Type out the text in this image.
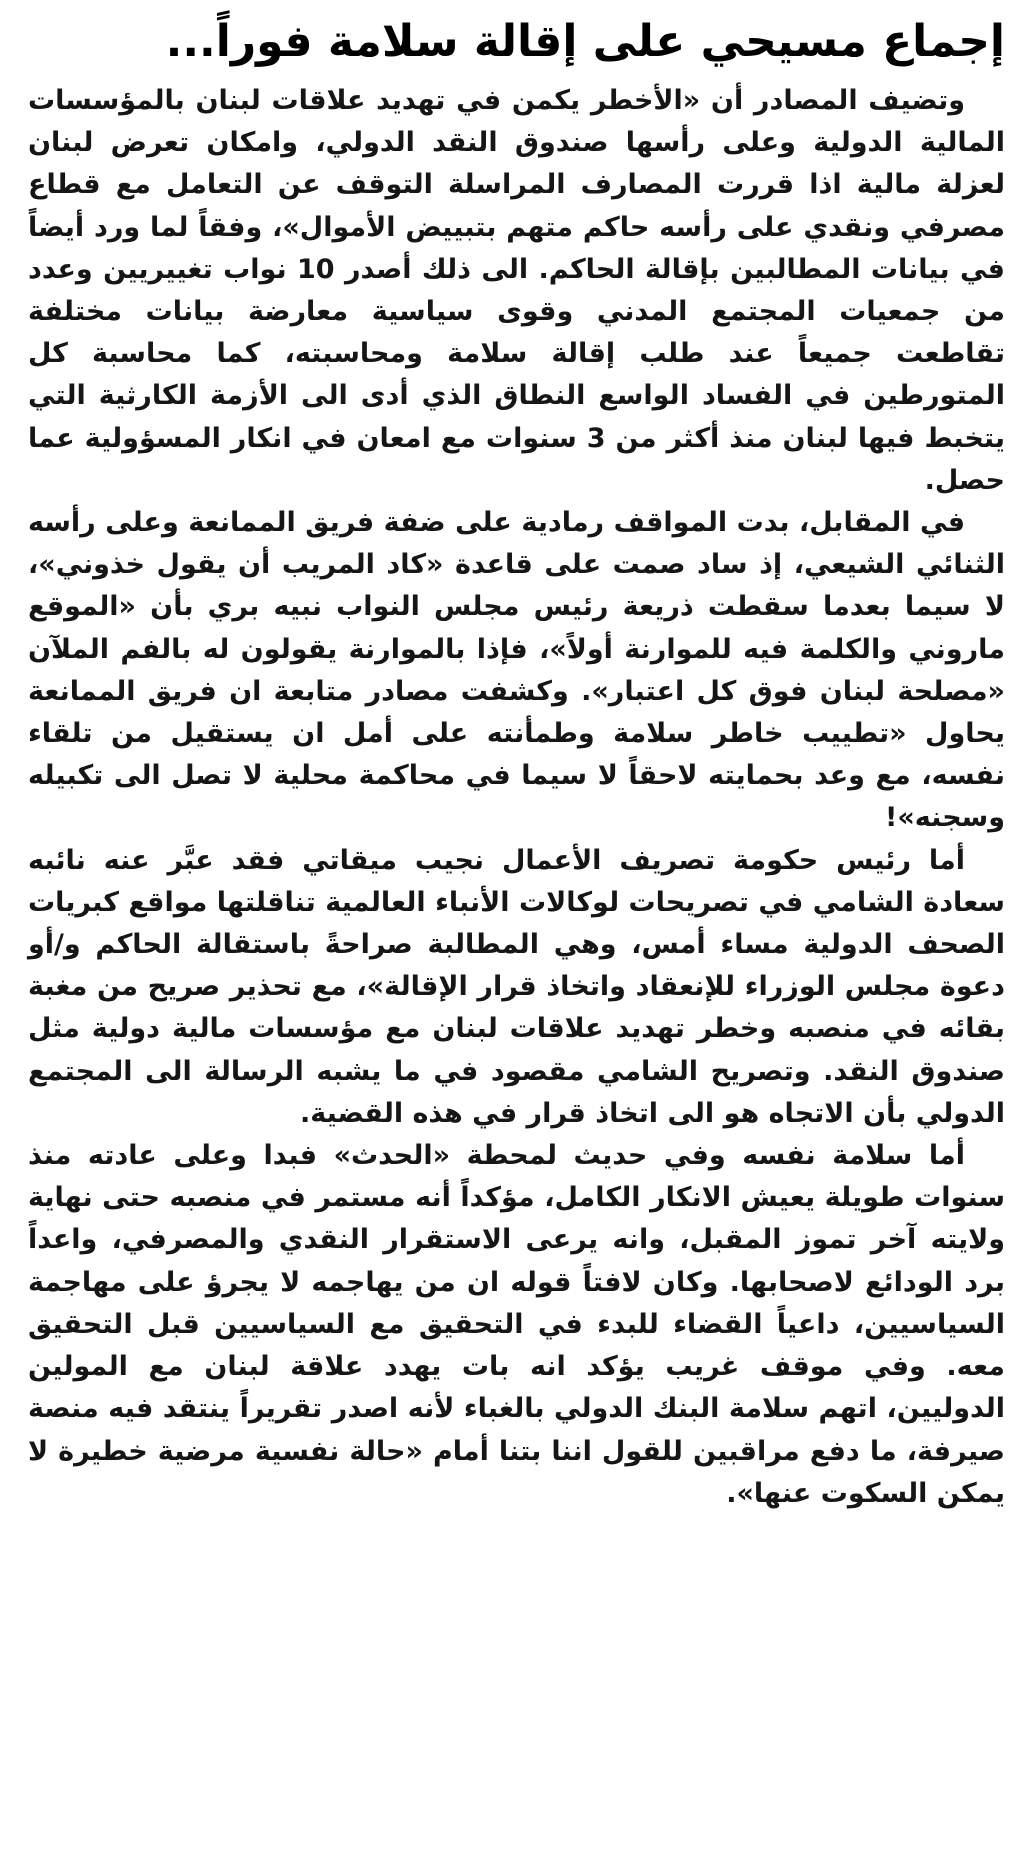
إجماع مسيحي على إقالة سلامة فوراً...

وتضيف المصادر أن «الأخطر يكمن في تهديد علاقات لبنان بالمؤسسات المالية الدولية وعلى رأسها صندوق النقد الدولي، وامكان تعرض لبنان لعزلة مالية اذا قررت المصارف المراسلة التوقف عن التعامل مع قطاع مصرفي ونقدي على رأسه حاكم متهم بتبييض الأموال»، وفقاً لما ورد أيضاً في بيانات المطالبين بإقالة الحاكم. الى ذلك أصدر 10 نواب تغييريين وعدد من جمعيات المجتمع المدني وقوى سياسية معارضة بيانات مختلفة تقاطعت جميعاً عند طلب إقالة سلامة ومحاسبته، كما محاسبة كل المتورطين في الفساد الواسع النطاق الذي أدى الى الأزمة الكارثية التي يتخبط فيها لبنان منذ أكثر من 3 سنوات مع امعان في انكار المسؤولية عما حصل.

في المقابل، بدت المواقف رمادية على ضفة فريق الممانعة وعلى رأسه الثنائي الشيعي، إذ ساد صمت على قاعدة «كاد المريب أن يقول خذوني»، لا سيما بعدما سقطت ذريعة رئيس مجلس النواب نبيه بري بأن «الموقع ماروني والكلمة فيه للموارنة أولاً»، فإذا بالموارنة يقولون له بالفم الملآن «مصلحة لبنان فوق كل اعتبار». وكشفت مصادر متابعة ان فريق الممانعة يحاول «تطييب خاطر سلامة وطمأنته على أمل ان يستقيل من تلقاء نفسه، مع وعد بحمايته لاحقاً لا سيما في محاكمة محلية لا تصل الى تكبيله وسجنه»!

أما رئيس حكومة تصريف الأعمال نجيب ميقاتي فقد عبَّر عنه نائبه سعادة الشامي في تصريحات لوكالات الأنباء العالمية تناقلتها مواقع كبريات الصحف الدولية مساء أمس، وهي المطالبة صراحةً باستقالة الحاكم و/أو دعوة مجلس الوزراء للإنعقاد واتخاذ قرار الإقالة»، مع تحذير صريح من مغبة بقائه في منصبه وخطر تهديد علاقات لبنان مع مؤسسات مالية دولية مثل صندوق النقد. وتصريح الشامي مقصود في ما يشبه الرسالة الى المجتمع الدولي بأن الاتجاه هو الى اتخاذ قرار في هذه القضية.

أما سلامة نفسه وفي حديث لمحطة «الحدث» فبدا وعلى عادته منذ سنوات طويلة يعيش الانكار الكامل، مؤكداً أنه مستمر في منصبه حتى نهاية ولايته آخر تموز المقبل، وانه يرعى الاستقرار النقدي والمصرفي، واعداً برد الودائع لاصحابها. وكان لافتاً قوله ان من يهاجمه لا يجرؤ على مهاجمة السياسيين، داعياً القضاء للبدء في التحقيق مع السياسيين قبل التحقيق معه. وفي موقف غريب يؤكد انه بات يهدد علاقة لبنان مع المولين الدوليين، اتهم سلامة البنك الدولي بالغباء لأنه اصدر تقريراً ينتقد فيه منصة صيرفة، ما دفع مراقبين للقول اننا بتنا أمام «حالة نفسية مرضية خطيرة لا يمكن السكوت عنها».
